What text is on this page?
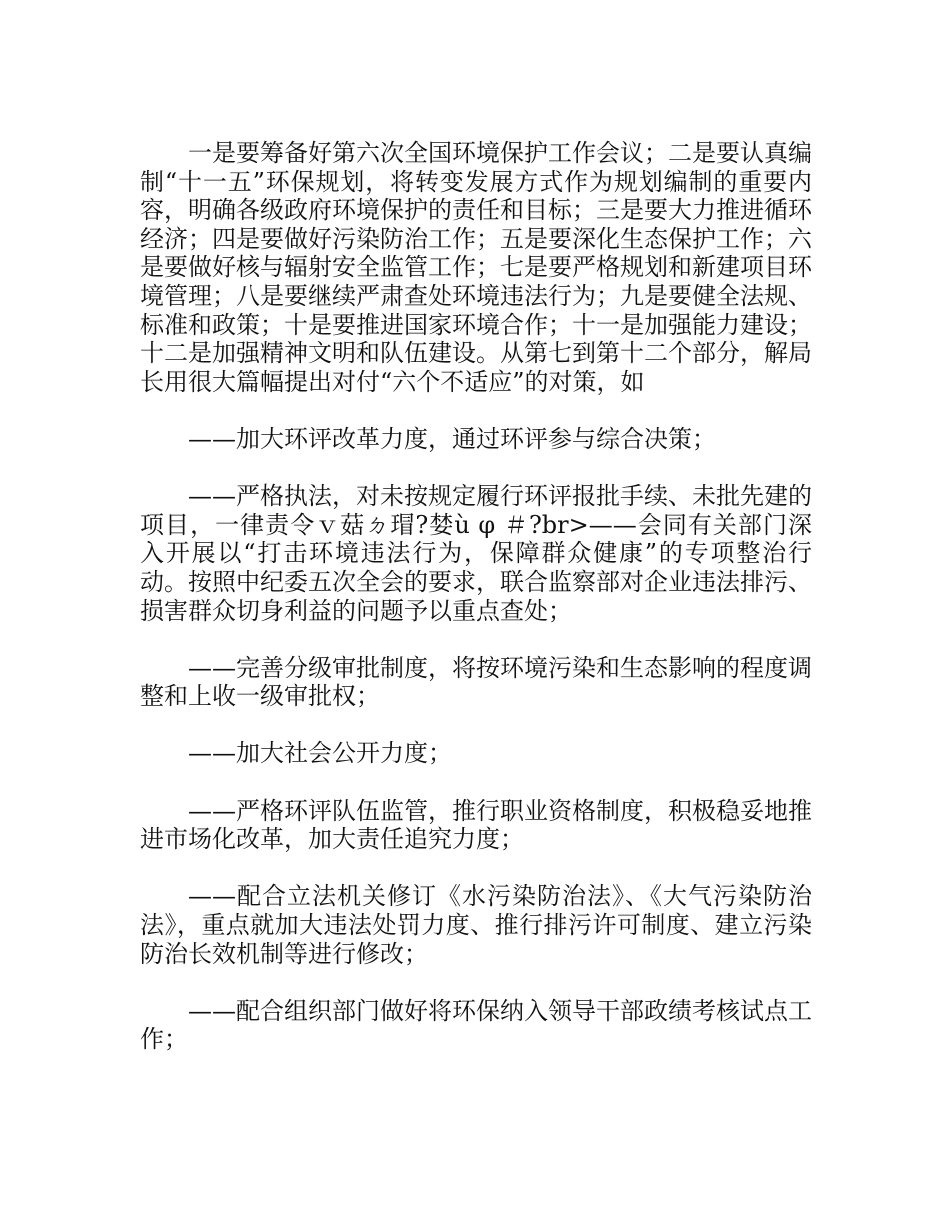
一是要筹备好第六次全国环境保护工作会议；二是要认真编制“十一五”环保规划，将转变发展方式作为规划编制的重要内容，明确各级政府环境保护的责任和目标；三是要大力推进循环经济；四是要做好污染防治工作；五是要深化生态保护工作；六是要做好核与辐射安全监管工作；七是要严格规划和新建项目环境管理；八是要继续严肃查处环境违法行为；九是要健全法规、标准和政策；十是要推进国家环境合作；十一是加强能力建设；十二是加强精神文明和队伍建设。从第七到第十二个部分，解局长用很大篇幅提出对付“六个不适应”的对策，如

——加大环评改革力度，通过环评参与综合决策；

——严格执法，对未按规定履行环评报批手续、未批先建的项目，一律责令ｖ菇ㄉ瑁?婪ù φ ＃?br>——会同有关部门深入开展以“打击环境违法行为，保障群众健康”的专项整治行动。按照中纪委五次全会的要求，联合监察部对企业违法排污、损害群众切身利益的问题予以重点查处；

——完善分级审批制度，将按环境污染和生态影响的程度调整和上收一级审批权；

——加大社会公开力度；

——严格环评队伍监管，推行职业资格制度，积极稳妥地推进市场化改革，加大责任追究力度；

——配合立法机关修订《水污染防治法》、《大气污染防治法》，重点就加大违法处罚力度、推行排污许可制度、建立污染防治长效机制等进行修改；

——配合组织部门做好将环保纳入领导干部政绩考核试点工作；
